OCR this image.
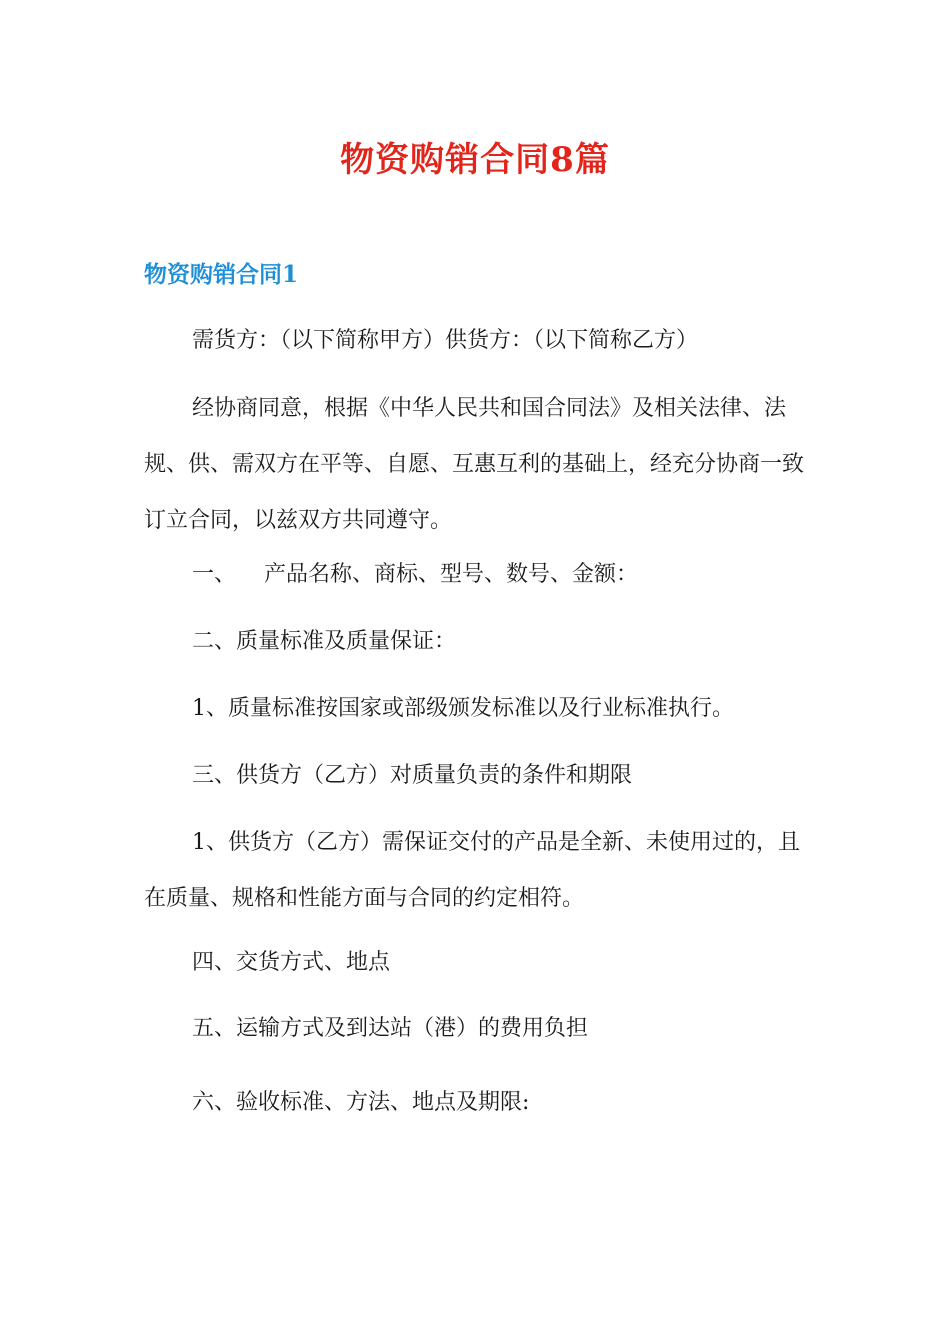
物资购销合同8篇
物资购销合同1

需货方：（以下简称甲方）供货方：（以下简称乙方）

经协商同意，根据《中华人民共和国合同法》及相关法律、法规、供、需双方在平等、自愿、互惠互利的基础上，经充分协商一致订立合同，以兹双方共同遵守。

一、    产品名称、商标、型号、数号、金额：

二、质量标准及质量保证：

1、质量标准按国家或部级颁发标准以及行业标准执行。

三、供货方（乙方）对质量负责的条件和期限

1、供货方（乙方）需保证交付的产品是全新、未使用过的，且在质量、规格和性能方面与合同的约定相符。

四、交货方式、地点

五、运输方式及到达站（港）的费用负担

六、验收标准、方法、地点及期限:
